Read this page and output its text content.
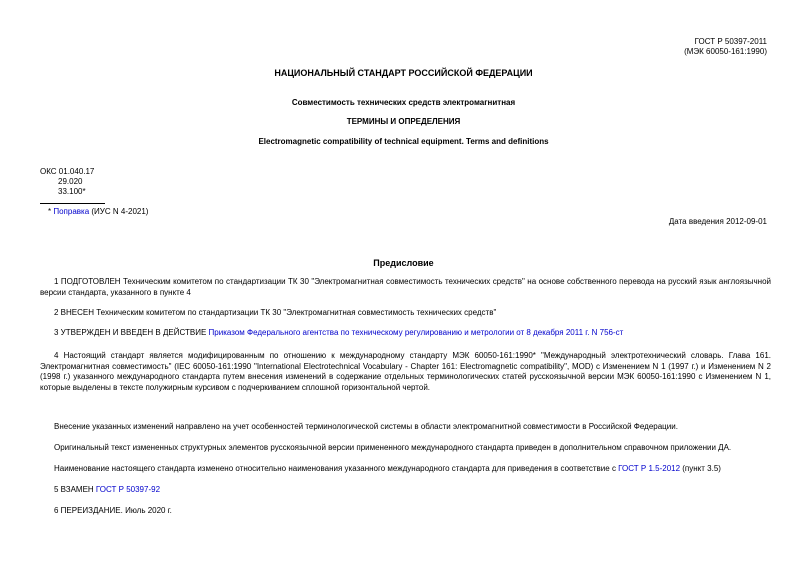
ГОСТ Р 50397-2011
(МЭК 60050-161:1990)
НАЦИОНАЛЬНЫЙ СТАНДАРТ РОССИЙСКОЙ ФЕДЕРАЦИИ
Совместимость технических средств электромагнитная
ТЕРМИНЫ И ОПРЕДЕЛЕНИЯ
Electromagnetic compatibility of technical equipment. Terms and definitions
ОКС 01.040.17
29.020
33.100*
* Поправка (ИУС N 4-2021)
Дата введения 2012-09-01
Предисловие
1 ПОДГОТОВЛЕН Техническим комитетом по стандартизации ТК 30 "Электромагнитная совместимость технических средств" на основе собственного перевода на русский язык англоязычной версии стандарта, указанного в пункте 4
2 ВНЕСЕН Техническим комитетом по стандартизации ТК 30 "Электромагнитная совместимость технических средств"
3 УТВЕРЖДЕН И ВВЕДЕН В ДЕЙСТВИЕ Приказом Федерального агентства по техническому регулированию и метрологии от 8 декабря 2011 г. N 756-ст
4 Настоящий стандарт является модифицированным по отношению к международному стандарту МЭК 60050-161:1990* "Международный электротехнический словарь. Глава 161. Электромагнитная совместимость" (IEC 60050-161:1990 "International Electrotechnical Vocabulary - Chapter 161: Electromagnetic compatibility", MOD) с Изменением N 1 (1997 г.) и Изменением N 2 (1998 г.) указанного международного стандарта путем внесения изменений в содержание отдельных терминологических статей русскоязычной версии МЭК 60050-161:1990 с Изменением N 1, которые выделены в тексте полужирным курсивом с подчеркиванием сплошной горизонтальной чертой.
Внесение указанных изменений направлено на учет особенностей терминологической системы в области электромагнитной совместимости в Российской Федерации.
Оригинальный текст измененных структурных элементов русскоязычной версии примененного международного стандарта приведен в дополнительном справочном приложении ДА.
Наименование настоящего стандарта изменено относительно наименования указанного международного стандарта для приведения в соответствие с ГОСТ Р 1.5-2012 (пункт 3.5)
5 ВЗАМЕН ГОСТ Р 50397-92
6 ПЕРЕИЗДАНИЕ. Июль 2020 г.
